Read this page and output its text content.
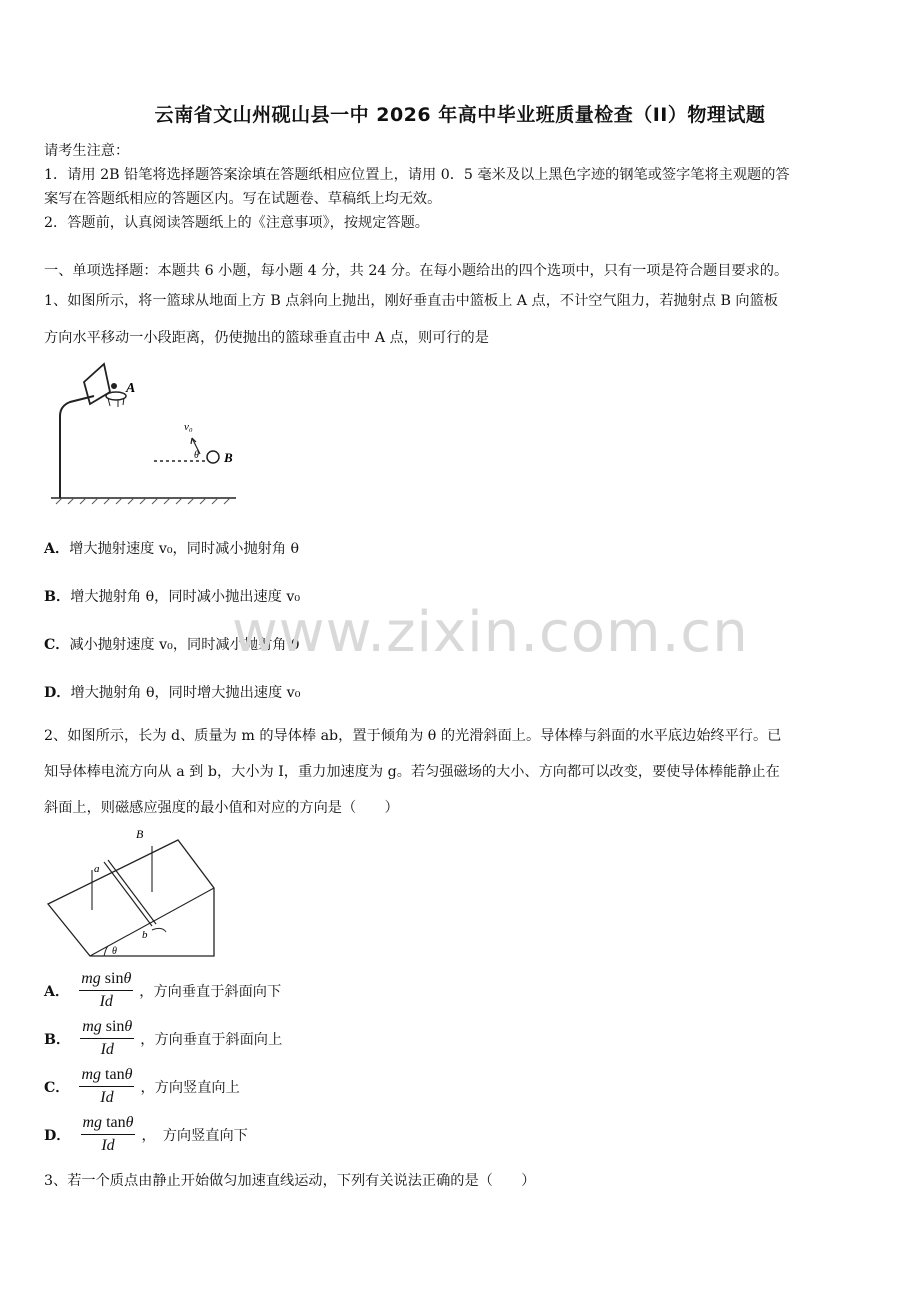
云南省文山州砚山县一中 2026 年高中毕业班质量检查（II）物理试题
请考生注意：
1．请用 2B 铅笔将选择题答案涂填在答题纸相应位置上，请用 0．5 毫米及以上黑色字迹的钢笔或签字笔将主观题的答
案写在答题纸相应的答题区内。写在试题卷、草稿纸上均无效。
2．答题前，认真阅读答题纸上的《注意事项》，按规定答题。
一、单项选择题：本题共 6 小题，每小题 4 分，共 24 分。在每小题给出的四个选项中，只有一项是符合题目要求的。
1、如图所示，将一篮球从地面上方 B 点斜向上抛出，刚好垂直击中篮板上 A 点，不计空气阻力，若抛射点 B 向篮板
方向水平移动一小段距离，仍使抛出的篮球垂直击中 A 点，则可行的是
A
v₀
θ B
A．增大抛射速度 v₀，同时减小抛射角 θ
B．增大抛射角 θ，同时减小抛出速度 v₀
C．减小抛射速度 v₀，同时减小抛射角 θ
D．增大抛射角 θ，同时增大抛出速度 v₀
www.zixin.com.cn
2、如图所示，长为 d、质量为 m 的导体棒 ab，置于倾角为 θ 的光滑斜面上。导体棒与斜面的水平底边始终平行。已
知导体棒电流方向从 a 到 b，大小为 I，重力加速度为 g。若匀强磁场的大小、方向都可以改变，要使导体棒能静止在
斜面上，则磁感应强度的最小值和对应的方向是（　　）
B
a
b
θ
A． $\frac{\text{mg sinθ}}{Id}$ ，方向垂直于斜面向下
B． $\frac{\text{mg sinθ}}{Id}$ ，方向垂直于斜面向上
C． $\frac{\text{mg tanθ}}{Id}$ ，方向竖直向上
D． $\frac{\text{mg tanθ}}{Id}$ ，　方向竖直向下
3、若一个质点由静止开始做匀加速直线运动，下列有关说法正确的是（　　）
